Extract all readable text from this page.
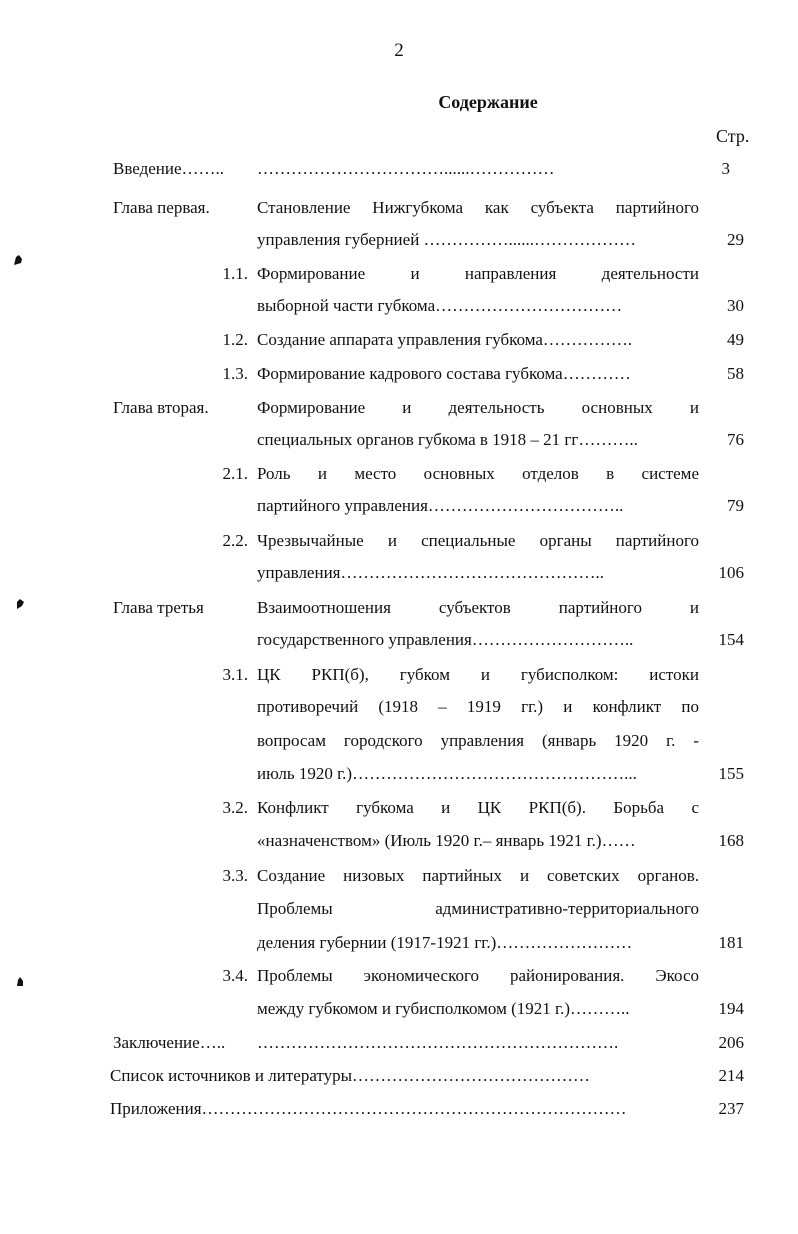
2
Содержание
Стр.
Введение……..	……………………………......……………	3
Глава первая.	Становление Нижгубкома как субъекта партийного
управления губернией ……………......………………	29
1.1. Формирование и направления деятельности
выборной части губкома……………………………	30
1.2. Создание аппарата управления губкома…………….	49
1.3. Формирование кадрового состава губкома…………	58
Глава вторая.	Формирование и деятельность основных и
специальных органов губкома в 1918 – 21 гг………..	76
2.1. Роль и место основных отделов в системе
партийного управления……………………………..	79
2.2. Чрезвычайные и специальные органы партийного
управления………………………………………..	106
Глава третья	Взаимоотношения субъектов партийного и
государственного управления………………………..	154
3.1. ЦК РКП(б), губком и губисполком: истоки
противоречий (1918 – 1919 гг.) и конфликт по
вопросам городского управления (январь 1920 г. -
июль 1920 г.)…………………………………………...	155
3.2. Конфликт губкома и ЦК РКП(б). Борьба с
«назначенством» (Июль 1920 г.– январь 1921 г.)……	168
3.3. Создание низовых партийных и советских органов.
Проблемы административно-территориального
деления губернии (1917-1921 гг.)……………………	181
3.4. Проблемы экономического районирования. Экосо
между губкомом и губисполкомом (1921 г.)………..	194
Заключение…..	……………………………………………………….	206
Список источников и литературы……………………………………	214
Приложения…………………………………………………………………	237
